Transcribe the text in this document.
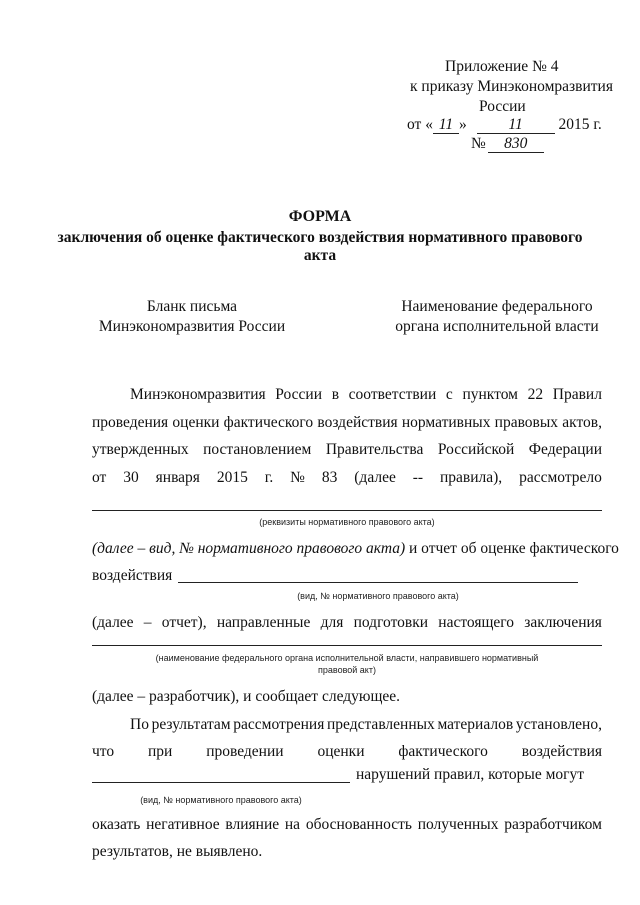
Приложение № 4
к приказу Минэкономразвития
России
от « 11 »	11 2015 г.
№ 830
ФОРМА
заключения об оценке фактического воздействия нормативного правового
акта
Бланк письма
Минэкономразвития России
Наименование федерального
органа исполнительной власти
Минэкономразвития России в соответствии с пунктом 22 Правил
проведения оценки фактического воздействия нормативных правовых актов,
утвержденных постановлением Правительства Российской Федерации
от 30 января 2015 г. № 83 (далее -- правила), рассмотрело
(реквизиты нормативного правового акта)
(далее – вид, № нормативного правового акта) и отчет об оценке фактического
воздействия
(вид, № нормативного правового акта)
(далее – отчет), направленные для подготовки настоящего заключения
(наименование федерального органа исполнительной власти, направившего нормативный
правовой акт)
(далее – разработчик), и сообщает следующее.
По результатам рассмотрения представленных материалов установлено,
что при проведении оценки фактического воздействия
нарушений правил, которые могут
(вид, № нормативного правового акта)
оказать негативное влияние на обоснованность полученных разработчиком
результатов, не выявлено.
